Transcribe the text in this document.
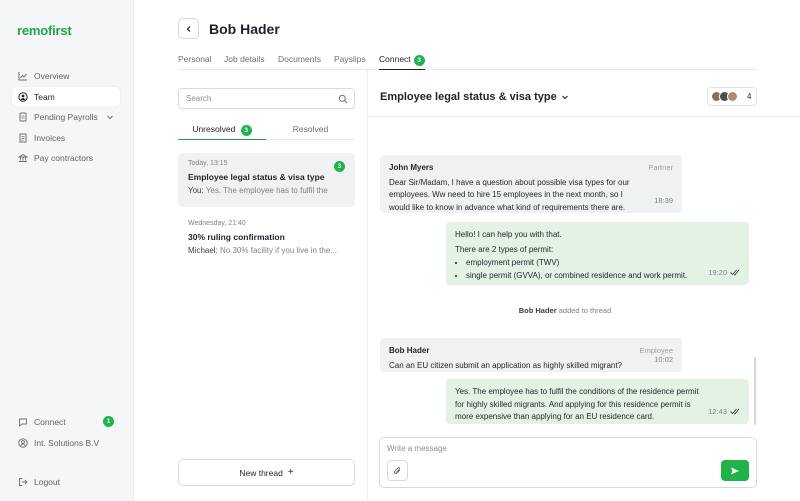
remofirst
Overview
Team
Pending Payrolls
Invoices
Pay contractors
Connect	1
Int. Solutions B.V
Logout
Bob Hader
Personal Job details Documents Payslips Connect 3
Search
Unresolved 3	Resolved
Today, 13:15
Employee legal status & visa type
You: Yes. The employee has to fulfil the
3
Wednesday, 21:40
30% ruling confirmation
Michael: No 30% facility if you live in the...
New thread +
Employee legal status & visa type	4
John Myers	Partner
Dear Sir/Madam, I have a question about possible visa types for our employees. Ww need to hire 15 employees in the next month, so I would like to know in advance what kind of requirements there are.
18:39
Hello! I can help you with that.
There are 2 types of permit:
• employment permit (TWV)
• single permit (GVVA), or combined residence and work permit.	19:20
Bob Hader added to thread
Bob Hader	Employee
Can an EU citizen submit an application as highly skilled migrant?
10:02
Yes. The employee has to fulfil the conditions of the residence permit for highly skilled migrants. And applying for this residence permit is more expensive than applying for an EU residence card.
12:43
Write a message
